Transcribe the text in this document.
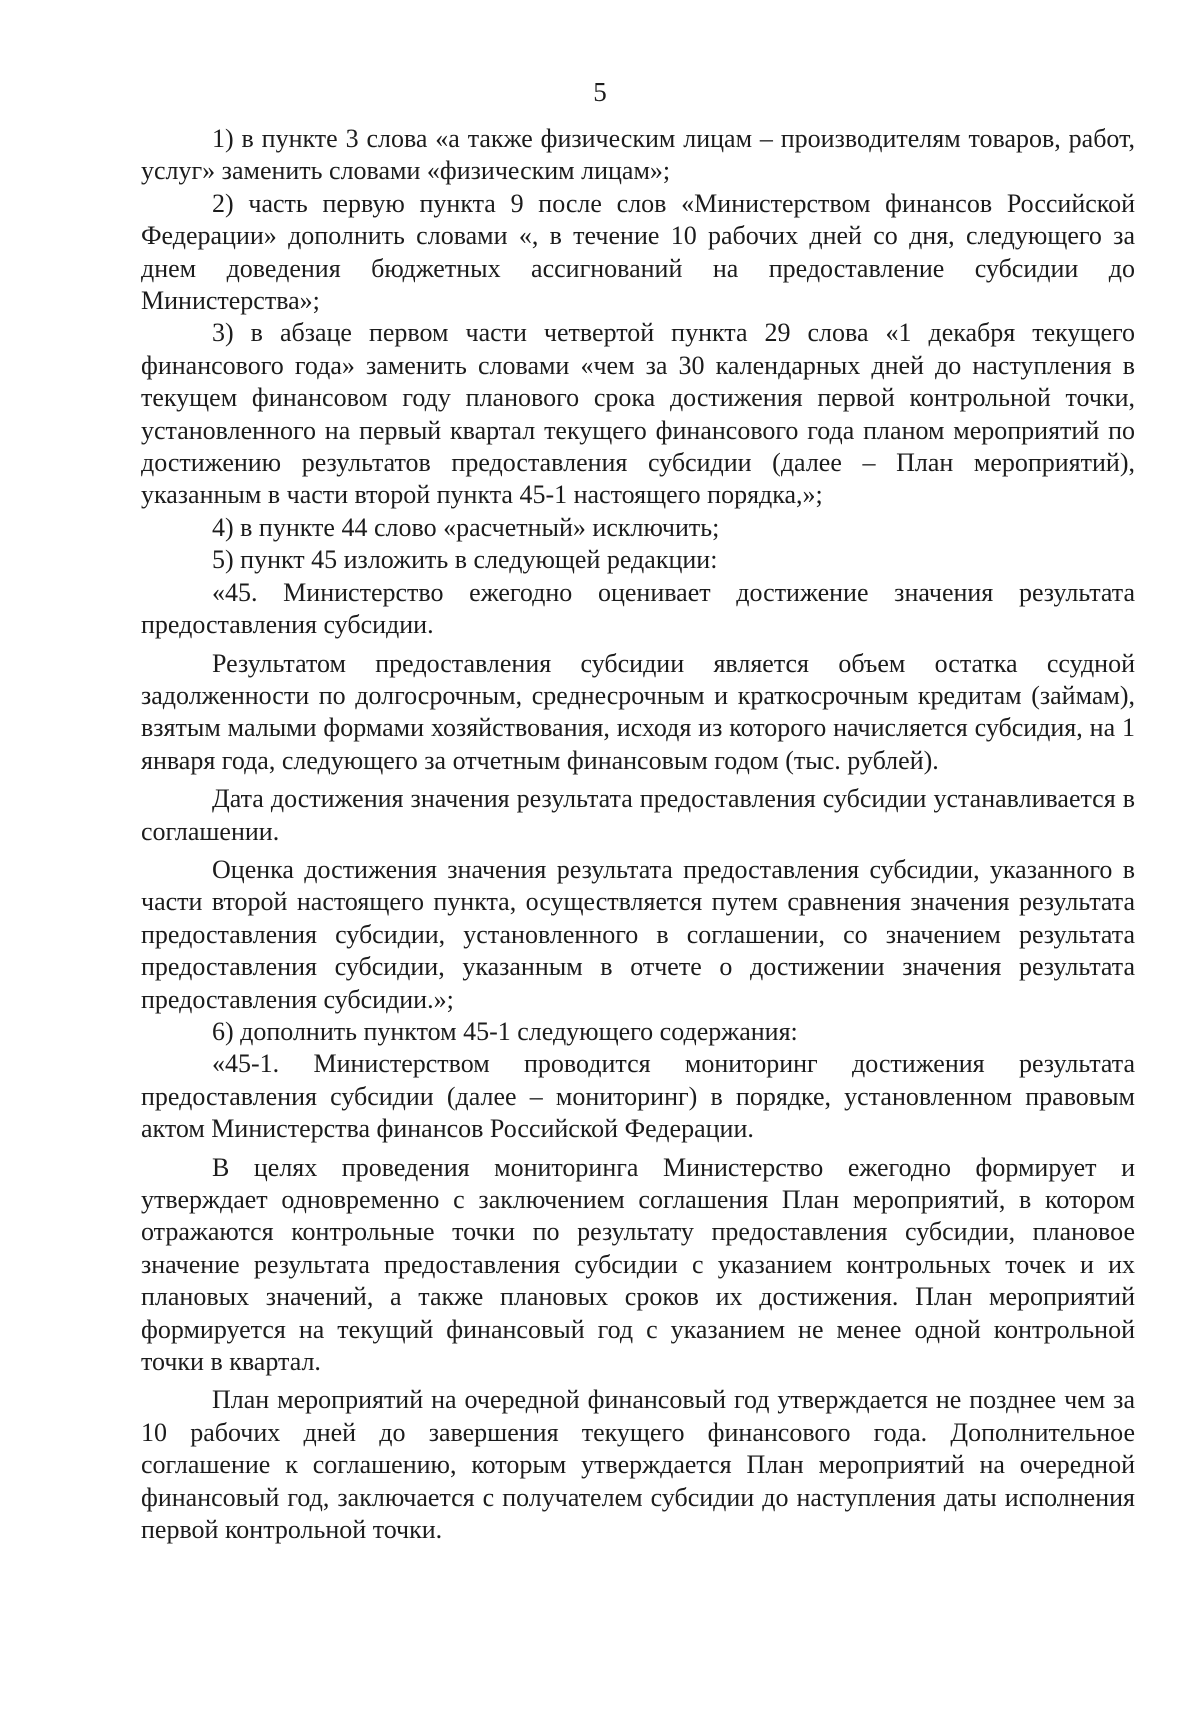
5

1) в пункте 3 слова «а также физическим лицам – производителям товаров, работ, услуг» заменить словами «физическим лицам»;

2) часть первую пункта 9 после слов «Министерством финансов Российской Федерации» дополнить словами «, в течение 10 рабочих дней со дня, следующего за днем доведения бюджетных ассигнований на предоставление субсидии до Министерства»;

3) в абзаце первом части четвертой пункта 29 слова «1 декабря текущего финансового года» заменить словами «чем за 30 календарных дней до наступления в текущем финансовом году планового срока достижения первой контрольной точки, установленного на первый квартал текущего финансового года планом мероприятий по достижению результатов предоставления субсидии (далее – План мероприятий), указанным в части второй пункта 45-1 настоящего порядка,»;

4) в пункте 44 слово «расчетный» исключить;

5) пункт 45 изложить в следующей редакции:

«45. Министерство ежегодно оценивает достижение значения результата предоставления субсидии.

Результатом предоставления субсидии является объем остатка ссудной задолженности по долгосрочным, среднесрочным и краткосрочным кредитам (займам), взятым малыми формами хозяйствования, исходя из которого начисляется субсидия, на 1 января года, следующего за отчетным финансовым годом (тыс. рублей).

Дата достижения значения результата предоставления субсидии устанавливается в соглашении.

Оценка достижения значения результата предоставления субсидии, указанного в части второй настоящего пункта, осуществляется путем сравнения значения результата предоставления субсидии, установленного в соглашении, со значением результата предоставления субсидии, указанным в отчете о достижении значения результата предоставления субсидии.»;

6) дополнить пунктом 45-1 следующего содержания:

«45-1. Министерством проводится мониторинг достижения результата предоставления субсидии (далее – мониторинг) в порядке, установленном правовым актом Министерства финансов Российской Федерации.

В целях проведения мониторинга Министерство ежегодно формирует и утверждает одновременно с заключением соглашения План мероприятий, в котором отражаются контрольные точки по результату предоставления субсидии, плановое значение результата предоставления субсидии с указанием контрольных точек и их плановых значений, а также плановых сроков их достижения. План мероприятий формируется на текущий финансовый год с указанием не менее одной контрольной точки в квартал.

План мероприятий на очередной финансовый год утверждается не позднее чем за 10 рабочих дней до завершения текущего финансового года. Дополнительное соглашение к соглашению, которым утверждается План мероприятий на очередной финансовый год, заключается с получателем субсидии до наступления даты исполнения первой контрольной точки.
